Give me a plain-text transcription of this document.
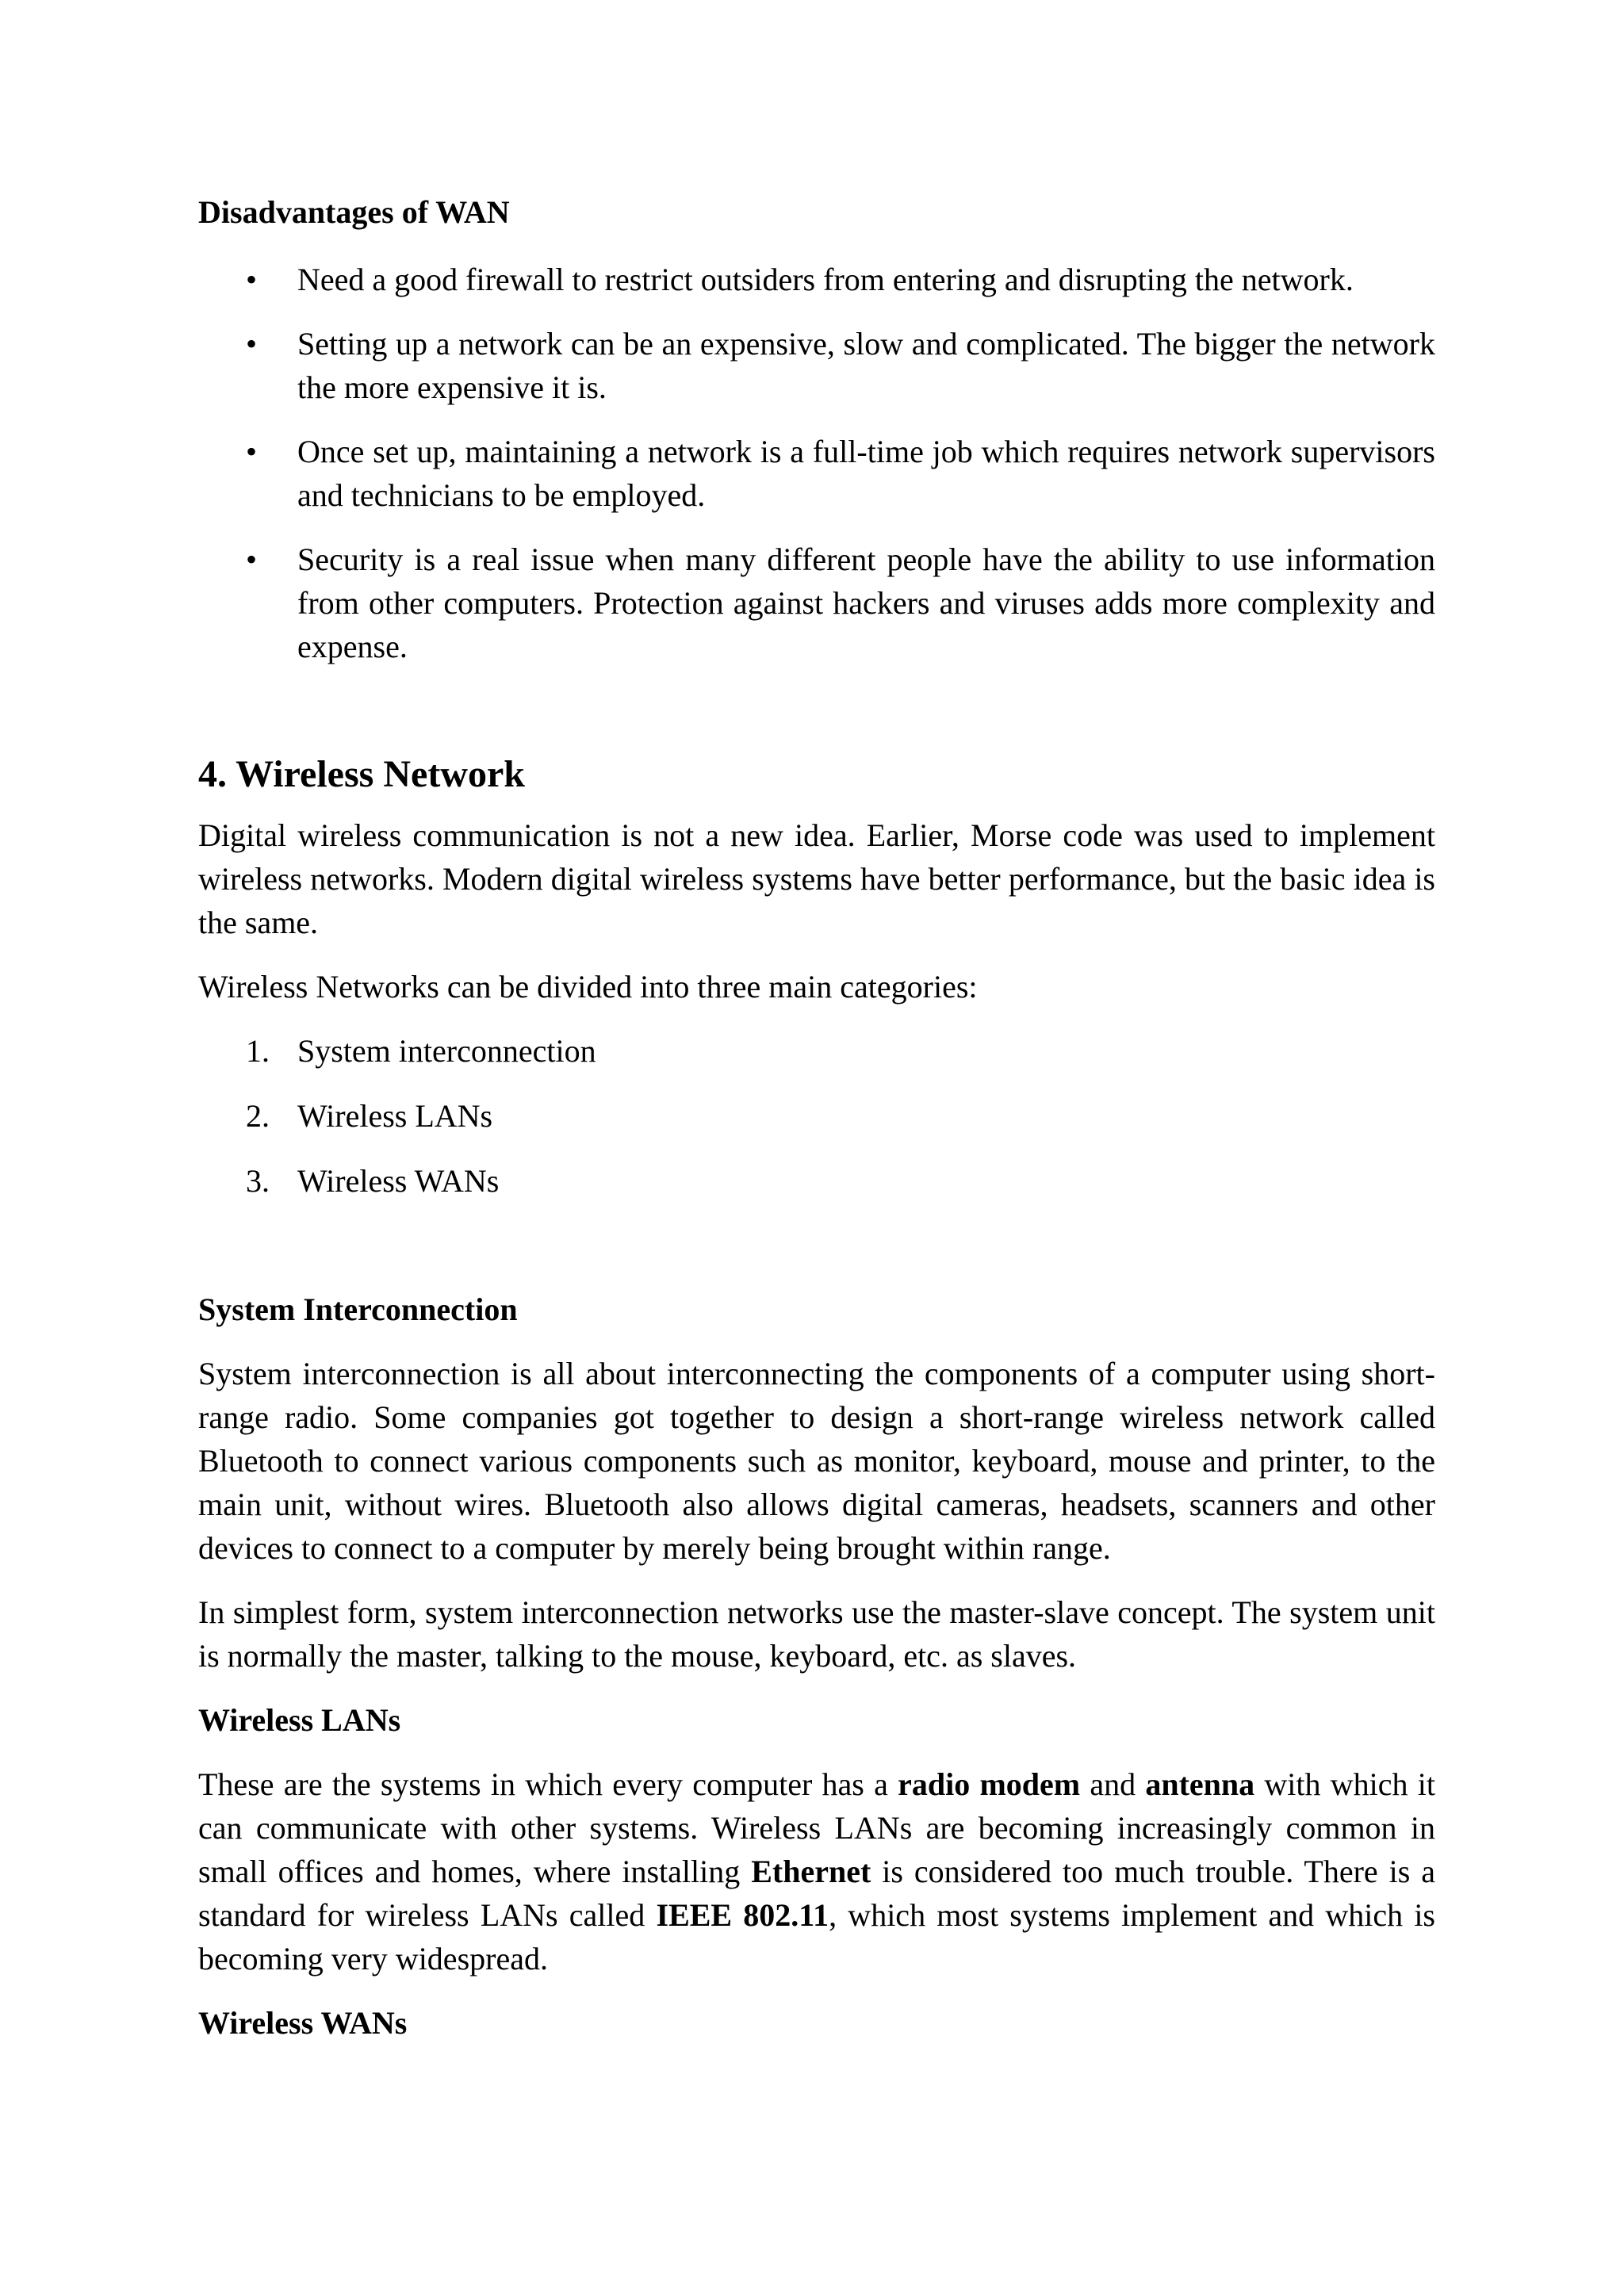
Disadvantages of WAN
• Need a good firewall to restrict outsiders from entering and disrupting the network.
• Setting up a network can be an expensive, slow and complicated. The bigger the network the more expensive it is.
• Once set up, maintaining a network is a full-time job which requires network supervisors and technicians to be employed.
• Security is a real issue when many different people have the ability to use information from other computers. Protection against hackers and viruses adds more complexity and expense.
4. Wireless Network

Digital wireless communication is not a new idea. Earlier, Morse code was used to implement wireless networks. Modern digital wireless systems have better performance, but the basic idea is the same.

Wireless Networks can be divided into three main categories:

1. System interconnection
2. Wireless LANs
3. Wireless WANs
System Interconnection

System interconnection is all about interconnecting the components of a computer using short-range radio. Some companies got together to design a short-range wireless network called Bluetooth to connect various components such as monitor, keyboard, mouse and printer, to the main unit, without wires. Bluetooth also allows digital cameras, headsets, scanners and other devices to connect to a computer by merely being brought within range.

In simplest form, system interconnection networks use the master-slave concept. The system unit is normally the master, talking to the mouse, keyboard, etc. as slaves.

Wireless LANs

These are the systems in which every computer has a radio modem and antenna with which it can communicate with other systems. Wireless LANs are becoming increasingly common in small offices and homes, where installing Ethernet is considered too much trouble. There is a standard for wireless LANs called IEEE 802.11, which most systems implement and which is becoming very widespread.

Wireless WANs
